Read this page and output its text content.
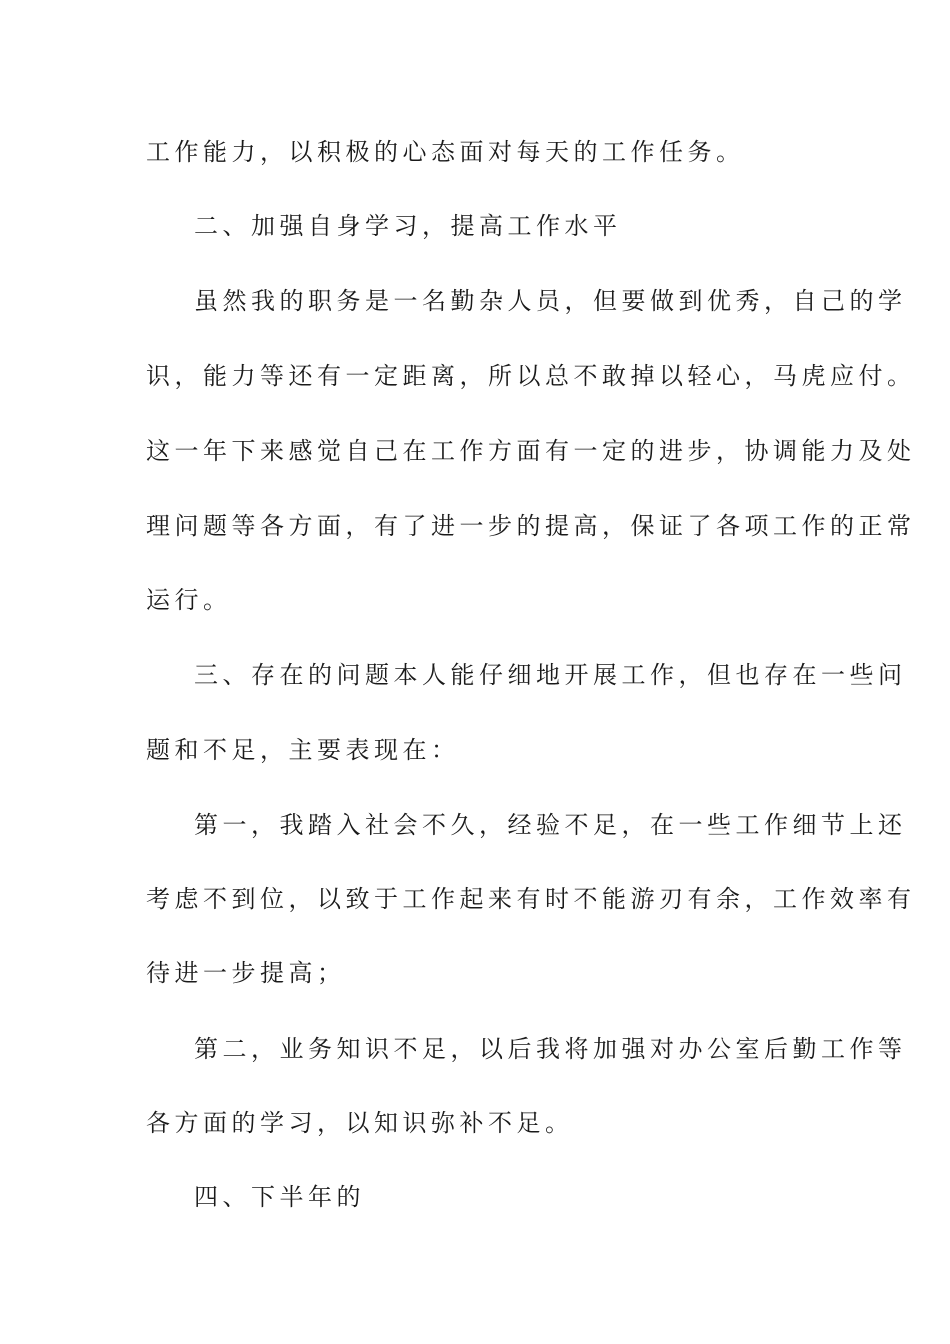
工作能力，以积极的心态面对每天的工作任务。
二、加强自身学习，提高工作水平
虽然我的职务是一名勤杂人员，但要做到优秀，自己的学
识，能力等还有一定距离，所以总不敢掉以轻心，马虎应付。
这一年下来感觉自己在工作方面有一定的进步，协调能力及处
理问题等各方面，有了进一步的提高，保证了各项工作的正常
运行。
三、存在的问题本人能仔细地开展工作，但也存在一些问
题和不足，主要表现在：
第一，我踏入社会不久，经验不足，在一些工作细节上还
考虑不到位，以致于工作起来有时不能游刃有余，工作效率有
待进一步提高；
第二，业务知识不足，以后我将加强对办公室后勤工作等
各方面的学习，以知识弥补不足。
四、下半年的
